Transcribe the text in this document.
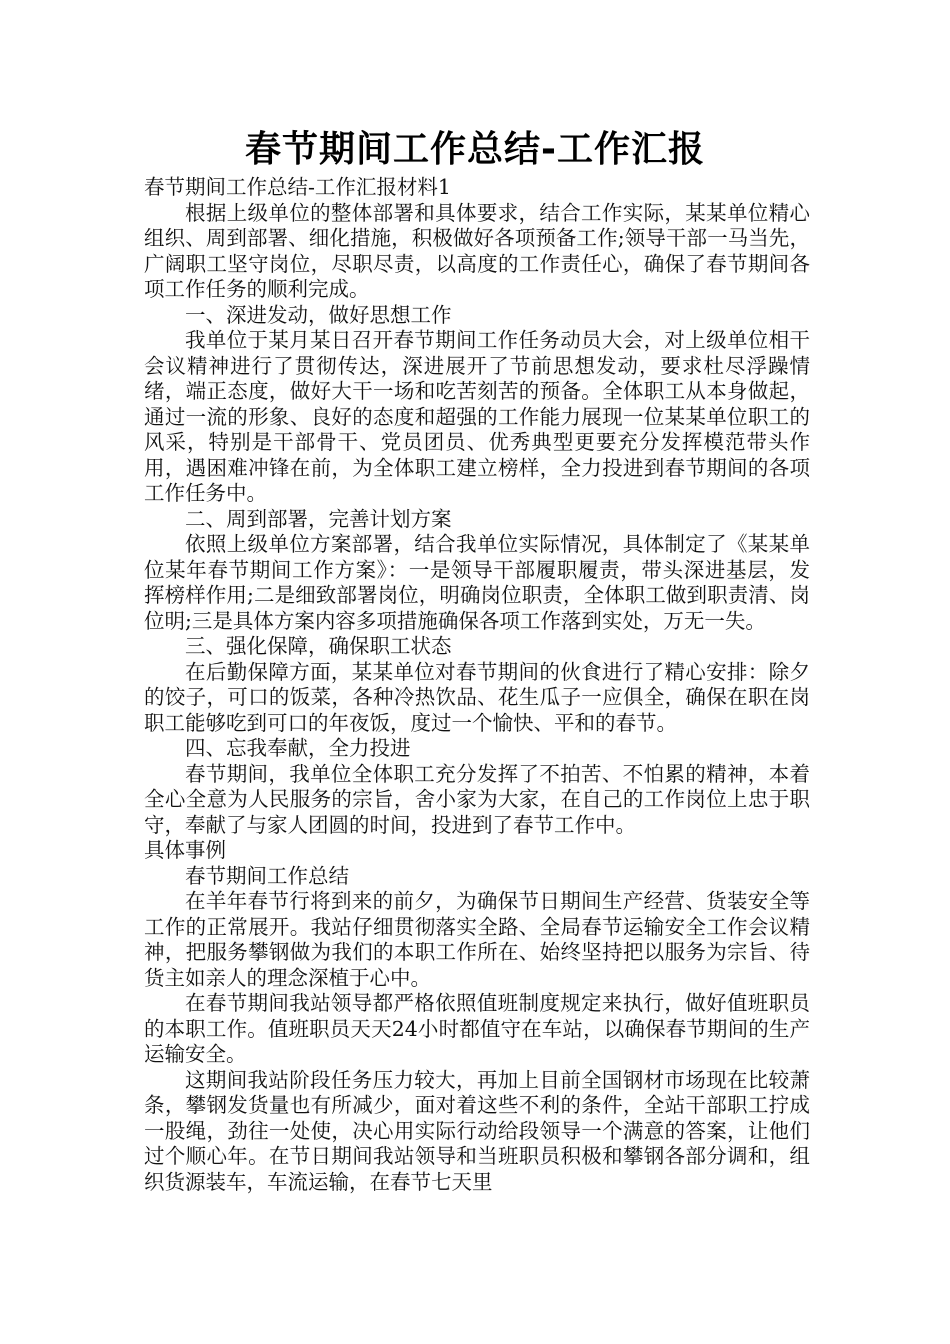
春节期间工作总结-工作汇报

春节期间工作总结-工作汇报材料1

根据上级单位的整体部署和具体要求，结合工作实际，某某单位精心组织、周到部署、细化措施，积极做好各项预备工作;领导干部一马当先，广阔职工坚守岗位，尽职尽责，以高度的工作责任心，确保了春节期间各项工作任务的顺利完成。

一、深进发动，做好思想工作

我单位于某月某日召开春节期间工作任务动员大会，对上级单位相干会议精神进行了贯彻传达，深进展开了节前思想发动，要求杜尽浮躁情绪，端正态度，做好大干一场和吃苦刻苦的预备。全体职工从本身做起，通过一流的形象、良好的态度和超强的工作能力展现一位某某单位职工的风采，特别是干部骨干、党员团员、优秀典型更要充分发挥模范带头作用，遇困难冲锋在前，为全体职工建立榜样，全力投进到春节期间的各项工作任务中。

二、周到部署，完善计划方案

依照上级单位方案部署，结合我单位实际情况，具体制定了《某某单位某年春节期间工作方案》：一是领导干部履职履责，带头深进基层，发挥榜样作用;二是细致部署岗位，明确岗位职责，全体职工做到职责清、岗位明;三是具体方案内容多项措施确保各项工作落到实处，万无一失。

三、强化保障，确保职工状态

在后勤保障方面，某某单位对春节期间的伙食进行了精心安排：除夕的饺子，可口的饭菜，各种冷热饮品、花生瓜子一应俱全，确保在职在岗职工能够吃到可口的年夜饭，度过一个愉快、平和的春节。

四、忘我奉献，全力投进

春节期间，我单位全体职工充分发挥了不拍苦、不怕累的精神，本着全心全意为人民服务的宗旨，舍小家为大家，在自己的工作岗位上忠于职守，奉献了与家人团圆的时间，投进到了春节工作中。

具体事例

春节期间工作总结

在羊年春节行将到来的前夕，为确保节日期间生产经营、货装安全等工作的正常展开。我站仔细贯彻落实全路、全局春节运输安全工作会议精神，把服务攀钢做为我们的本职工作所在、始终坚持把以服务为宗旨、待货主如亲人的理念深植于心中。

在春节期间我站领导都严格依照值班制度规定来执行，做好值班职员的本职工作。值班职员天天24小时都值守在车站，以确保春节期间的生产运输安全。

这期间我站阶段任务压力较大，再加上目前全国钢材市场现在比较萧条，攀钢发货量也有所减少，面对着这些不利的条件，全站干部职工拧成一股绳，劲往一处使，决心用实际行动给段领导一个满意的答案，让他们过个顺心年。在节日期间我站领导和当班职员积极和攀钢各部分调和，组织货源装车，车流运输，在春节七天里
